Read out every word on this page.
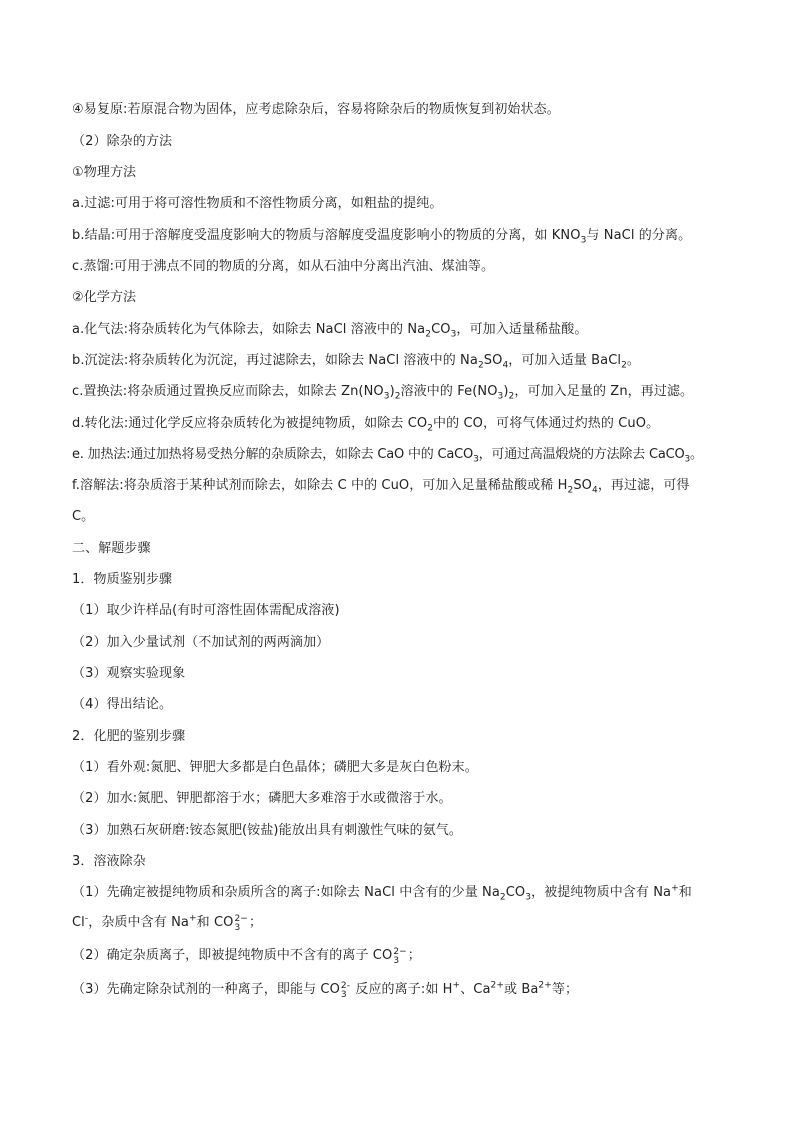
④易复原:若原混合物为固体，应考虑除杂后，容易将除杂后的物质恢复到初始状态。
（2）除杂的方法
①物理方法
a.过滤:可用于将可溶性物质和不溶性物质分离，如粗盐的提纯。
b.结晶:可用于溶解度受温度影响大的物质与溶解度受温度影响小的物质的分离，如 $KNO_3$与 NaCl 的分离。
c.蒸馏:可用于沸点不同的物质的分离，如从石油中分离出汽油、煤油等。
②化学方法
a.化气法:将杂质转化为气体除去，如除去 NaCl 溶液中的 $Na_2CO_3$，可加入适量稀盐酸。
b.沉淀法:将杂质转化为沉淀，再过滤除去，如除去 NaCl 溶液中的 $Na_2SO_4$，可加入适量 BaCl$_2$。
c.置换法:将杂质通过置换反应而除去，如除去 $Zn(NO_3)_2$溶液中的 $Fe(NO_3)_2$，可加入足量的 Zn，再过滤。
d.转化法:通过化学反应将杂质转化为被提纯物质，如除去 $CO_2$中的 CO，可将气体通过灼热的 CuO。
e. 加热法:通过加热将易受热分解的杂质除去，如除去 CaO 中的 CaCO$_3$，可通过高温煅烧的方法除去 CaCO$_3$。
f.溶解法:将杂质溶于某种试剂而除去，如除去 C 中的 CuO，可加入足量稀盐酸或稀 $H_2SO_4$，再过滤，可得
C。
二、解题步骤
1．物质鉴别步骤
（1）取少许样品(有时可溶性固体需配成溶液)
（2）加入少量试剂（不加试剂的两两滴加）
（3）观察实验现象
（4）得出结论。
2．化肥的鉴别步骤
（1）看外观:氮肥、钾肥大多都是白色晶体；磷肥大多是灰白色粉末。
（2）加水:氮肥、钾肥都溶于水；磷肥大多难溶于水或微溶于水。
（3）加熟石灰研磨:铵态氮肥(铵盐)能放出具有刺激性气味的氨气。
3．溶液除杂
（1）先确定被提纯物质和杂质所含的离子:如除去 NaCl 中含有的少量 $Na_2CO_3$，被提纯物质中含有 Na+和
Cl-，杂质中含有 Na+和 CO 2−
3 ；
（2）确定杂质离子，即被提纯物质中不含有的离子 CO 2−
3 ；
（3）先确定除杂试剂的一种离子，即能与 CO 2-
3 反应的离子:如 H+、$Ca^{2+}$或 $Ba^{2+}$等；
